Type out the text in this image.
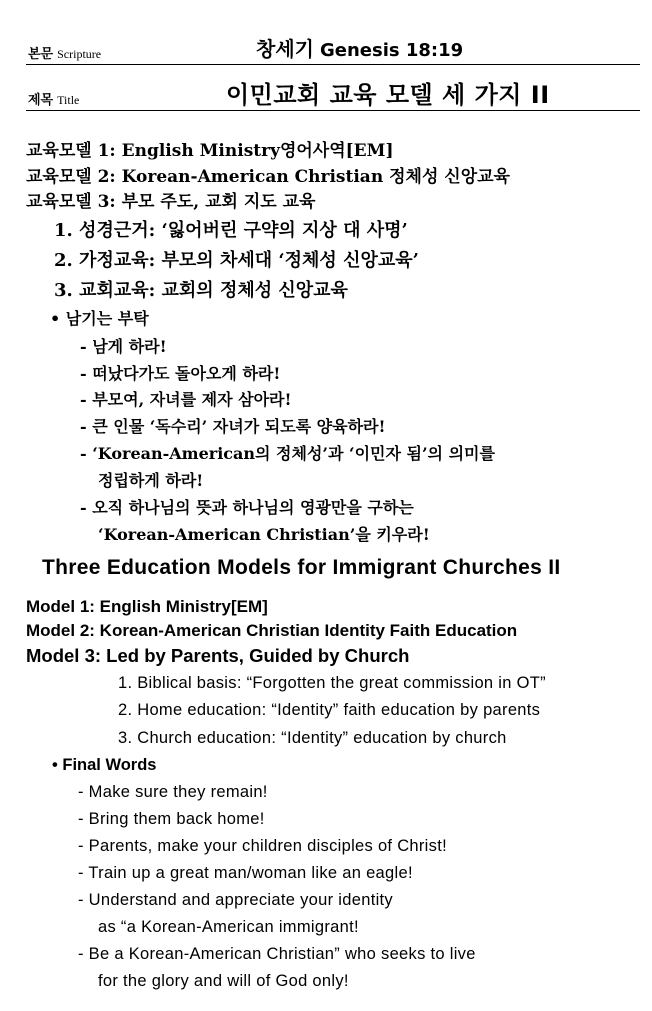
본문 Scripture	창세기 Genesis 18:19
제목 Title	이민교회 교육 모델 세 가지 II
교육모델 1: English Ministry영어사역[EM]
교육모델 2: Korean-American Christian 정체성 신앙교육
교육모델 3: 부모 주도, 교회 지도 교육
1. 성경근거: ‘잃어버린 구약의 지상 대 사명’
2. 가정교육: 부모의 차세대 ‘정체성 신앙교육’
3. 교회교육: 교회의 정체성 신앙교육
• 남기는 부탁
- 남게 하라!
- 떠났다가도 돌아오게 하라!
- 부모여, 자녀를 제자 삼아라!
- 큰 인물 ‘독수리’ 자녀가 되도록 양육하라!
- ‘Korean-American의 정체성’과 ‘이민자 됨’의 의미를
정립하게 하라!
- 오직 하나님의 뜻과 하나님의 영광만을 구하는
‘Korean-American Christian’을 키우라!
Three Education Models for Immigrant Churches II
Model 1: English Ministry[EM]
Model 2: Korean-American Christian Identity Faith Education
Model 3: Led by Parents, Guided by Church
1. Biblical basis: “Forgotten the great commission in OT”
2. Home education: “Identity” faith education by parents
3. Church education: “Identity” education by church
• Final Words
- Make sure they remain!
- Bring them back home!
- Parents, make your children disciples of Christ!
- Train up a great man/woman like an eagle!
- Understand and appreciate your identity
as “a Korean-American immigrant!
- Be a Korean-American Christian” who seeks to live
for the glory and will of God only!
